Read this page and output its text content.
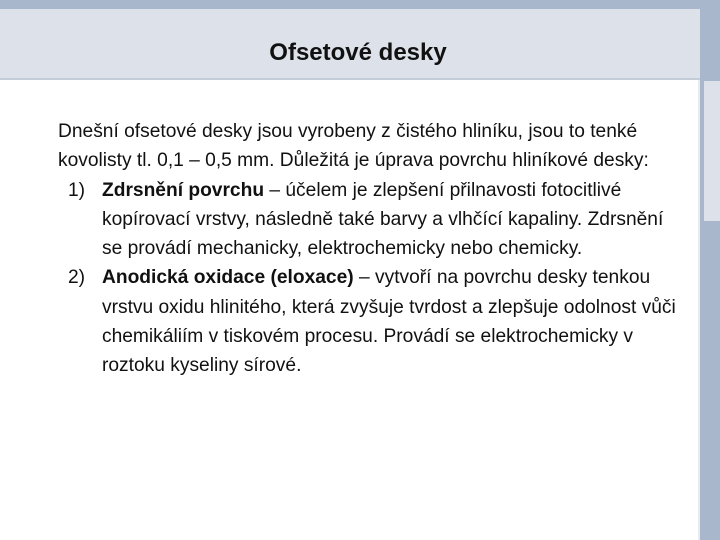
Ofsetové desky

Dnešní ofsetové desky jsou vyrobeny z čistého hliníku, jsou to tenké kovolisty tl. 0,1 – 0,5 mm. Důležitá je úprava povrchu hliníkové desky:

1) Zdrsnění povrchu – účelem je zlepšení přilnavosti fotocitlivé kopírovací vrstvy, následně také barvy a vlhčící kapaliny. Zdrsnění se provádí mechanicky, elektrochemicky nebo chemicky.
2) Anodická oxidace (eloxace) – vytvoří na povrchu desky tenkou vrstvu oxidu hlinitého, která zvyšuje tvrdost a zlepšuje odolnost vůči chemikáliím v tiskovém procesu. Provádí se elektrochemicky v roztoku kyseliny sírové.
